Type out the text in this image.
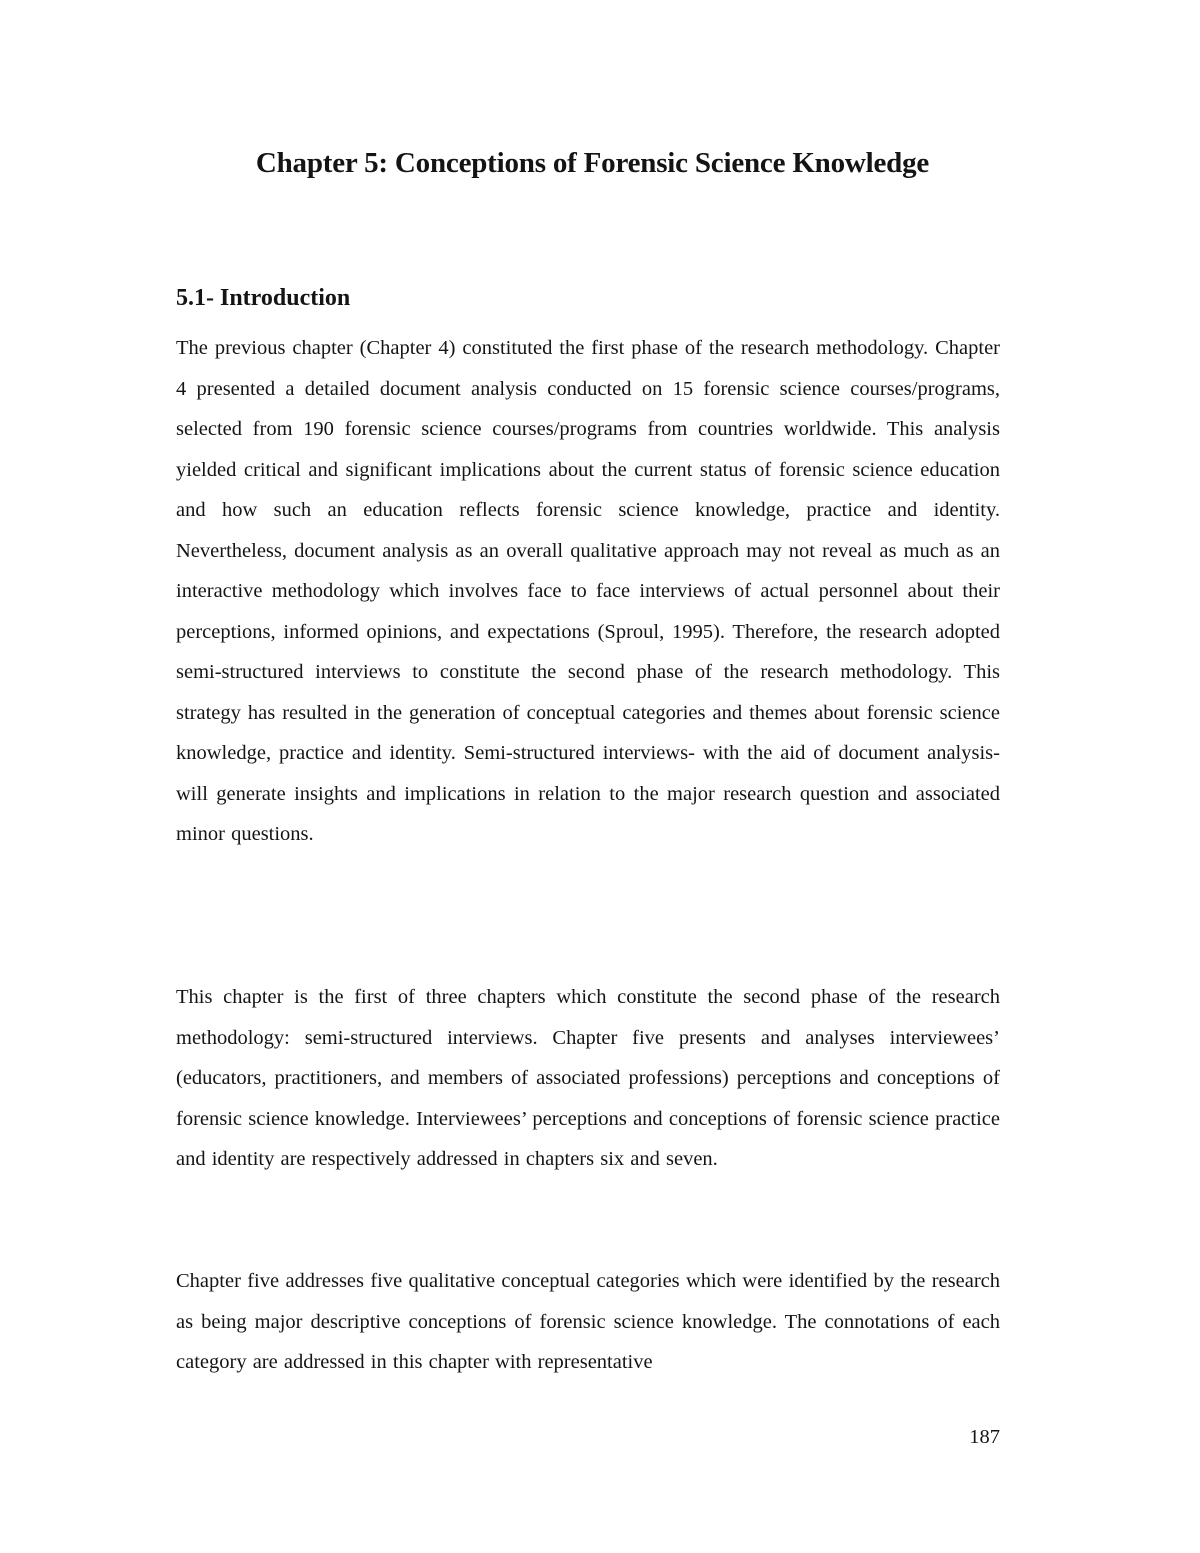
Chapter 5: Conceptions of Forensic Science Knowledge
5.1- Introduction

The previous chapter (Chapter 4) constituted the first phase of the research methodology. Chapter 4 presented a detailed document analysis conducted on 15 forensic science courses/programs, selected from 190 forensic science courses/programs from countries worldwide. This analysis yielded critical and significant implications about the current status of forensic science education and how such an education reflects forensic science knowledge, practice and identity. Nevertheless, document analysis as an overall qualitative approach may not reveal as much as an interactive methodology which involves face to face interviews of actual personnel about their perceptions, informed opinions, and expectations (Sproul, 1995). Therefore, the research adopted semi-structured interviews to constitute the second phase of the research methodology. This strategy has resulted in the generation of conceptual categories and themes about forensic science knowledge, practice and identity. Semi-structured interviews- with the aid of document analysis- will generate insights and implications in relation to the major research question and associated minor questions.

This chapter is the first of three chapters which constitute the second phase of the research methodology: semi-structured interviews. Chapter five presents and analyses interviewees’ (educators, practitioners, and members of associated professions) perceptions and conceptions of forensic science knowledge. Interviewees’ perceptions and conceptions of forensic science practice and identity are respectively addressed in chapters six and seven.

Chapter five addresses five qualitative conceptual categories which were identified by the research as being major descriptive conceptions of forensic science knowledge. The connotations of each category are addressed in this chapter with representative

187
